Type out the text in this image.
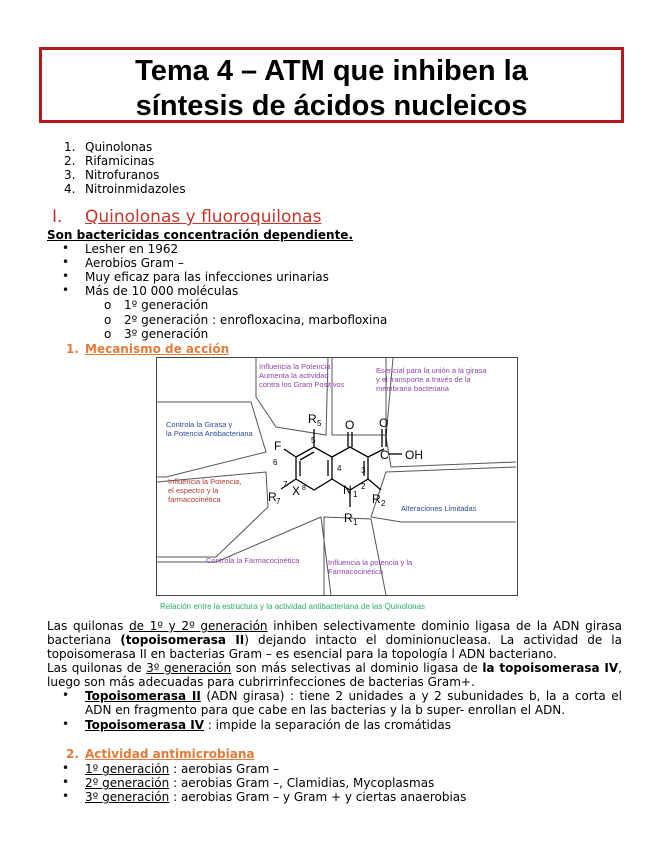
Tema 4 – ATM que inhiben la
síntesis de ácidos nucleicos
1. Quinolonas
2. Rifamicinas
3. Nitrofuranos
4. Nitroinmidazoles
I. Quinolonas y fluoroquilonas
Son bactericidas concentración dependiente.
• Lesher en 1962
• Aerobios Gram –
• Muy eficaz para las infecciones urinarias
• Más de 10 000 moléculas
o 1º generación
o 2º generación : enrofloxacina, marbofloxina
o 3º generación
1. Mecanismo de acción
Influencia la Potencia Aumenta la actividad contra los Gram Positivos
Esencial para la unión a la girasa y el transporte a través de la membrana bacteriana
Controla la Girasa y la Potencia Antibacteriana
Influencia la Potencia, el espectro y la farmacocinética
Alteraciones Limitadas
Controla la Farmacocinética	Influencia la potencia y la Farmacocinética
R 5
F
R 7
X 8	N 1
R 1
R 2
O O
C OH
6
5
4 3
2
7
Relación entre la estructura y la actividad antibacteriana de las Quinolonas
Las quilonas de 1º y 2º generación inhiben selectivamente dominio ligasa de la ADN girasa bacteriana (topoisomerasa II) dejando intacto el dominionucleasa. La actividad de la topoisomerasa II en bacterias Gram – es esencial para la topología l ADN bacteriano.
Las quilonas de 3º generación son más selectivas al dominio ligasa de la topoisomerasa IV, luego son más adecuadas para cubrirrinfecciones de bacterias Gram+.
• Topoisomerasa II (ADN girasa) : tiene 2 unidades a y 2 subunidades b, la a corta el ADN en fragmento para que cabe en las bacterias y la b super- enrollan el ADN.
• Topoisomerasa IV : impide la separación de las cromátidas
2. Actividad antimicrobiana
• 1º generación : aerobias Gram –
• 2º generación : aerobias Gram –, Clamidias, Mycoplasmas
• 3º generación : aerobias Gram – y Gram + y ciertas anaerobias
